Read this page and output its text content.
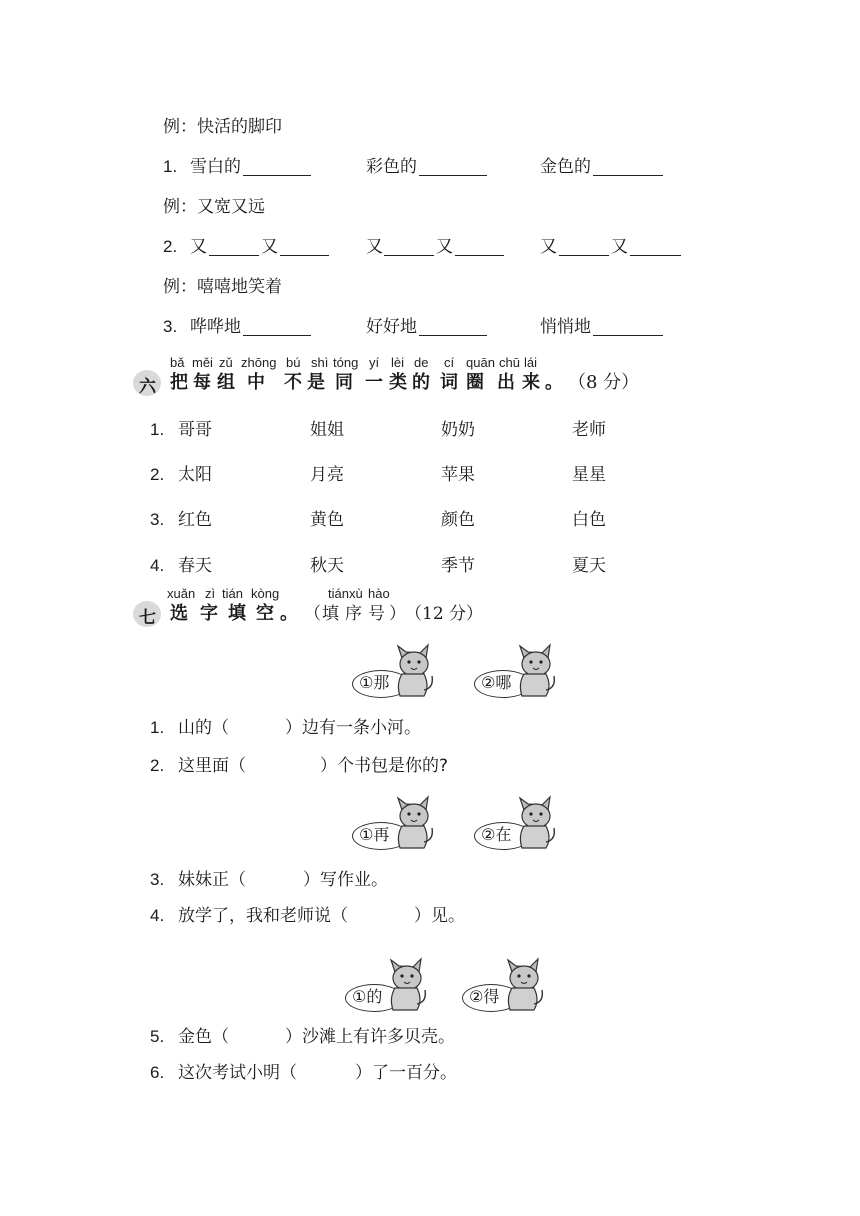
例：快活的脚印
1. 雪白的	彩色的	金色的
例：又宽又远
2. 又	又	又	又	又	又
例：嘻嘻地笑着
3. 哗哗地	好好地	悄悄地
六
bǎ měi zǔ zhōng bú shì tóng yí lèi de cí quān chū lái
把
每 组 中 不
是 同 一 类
的 词 圈 出 来
。
（8 分）
1. 哥哥	姐姐	奶奶	老师
2. 太阳	月亮	苹果	星星
3. 红色	黄色	颜色	白色
4. 春天	秋天	季节	夏天
七
xuǎn zì tián kòng	tián xù hào
选 字 填 空 。 （ 填 序 号 ） （12 分）
①那	②哪
1. 山的（	）边有一条小河。
2. 这里面（	）个书包是你的?
①再	②在
3. 妹妹正（	）写作业。
4. 放学了，我和老师说（	）见。
①的	②得
5. 金色（	）沙滩上有许多贝壳。
6. 这次考试小明（	）了一百分。
